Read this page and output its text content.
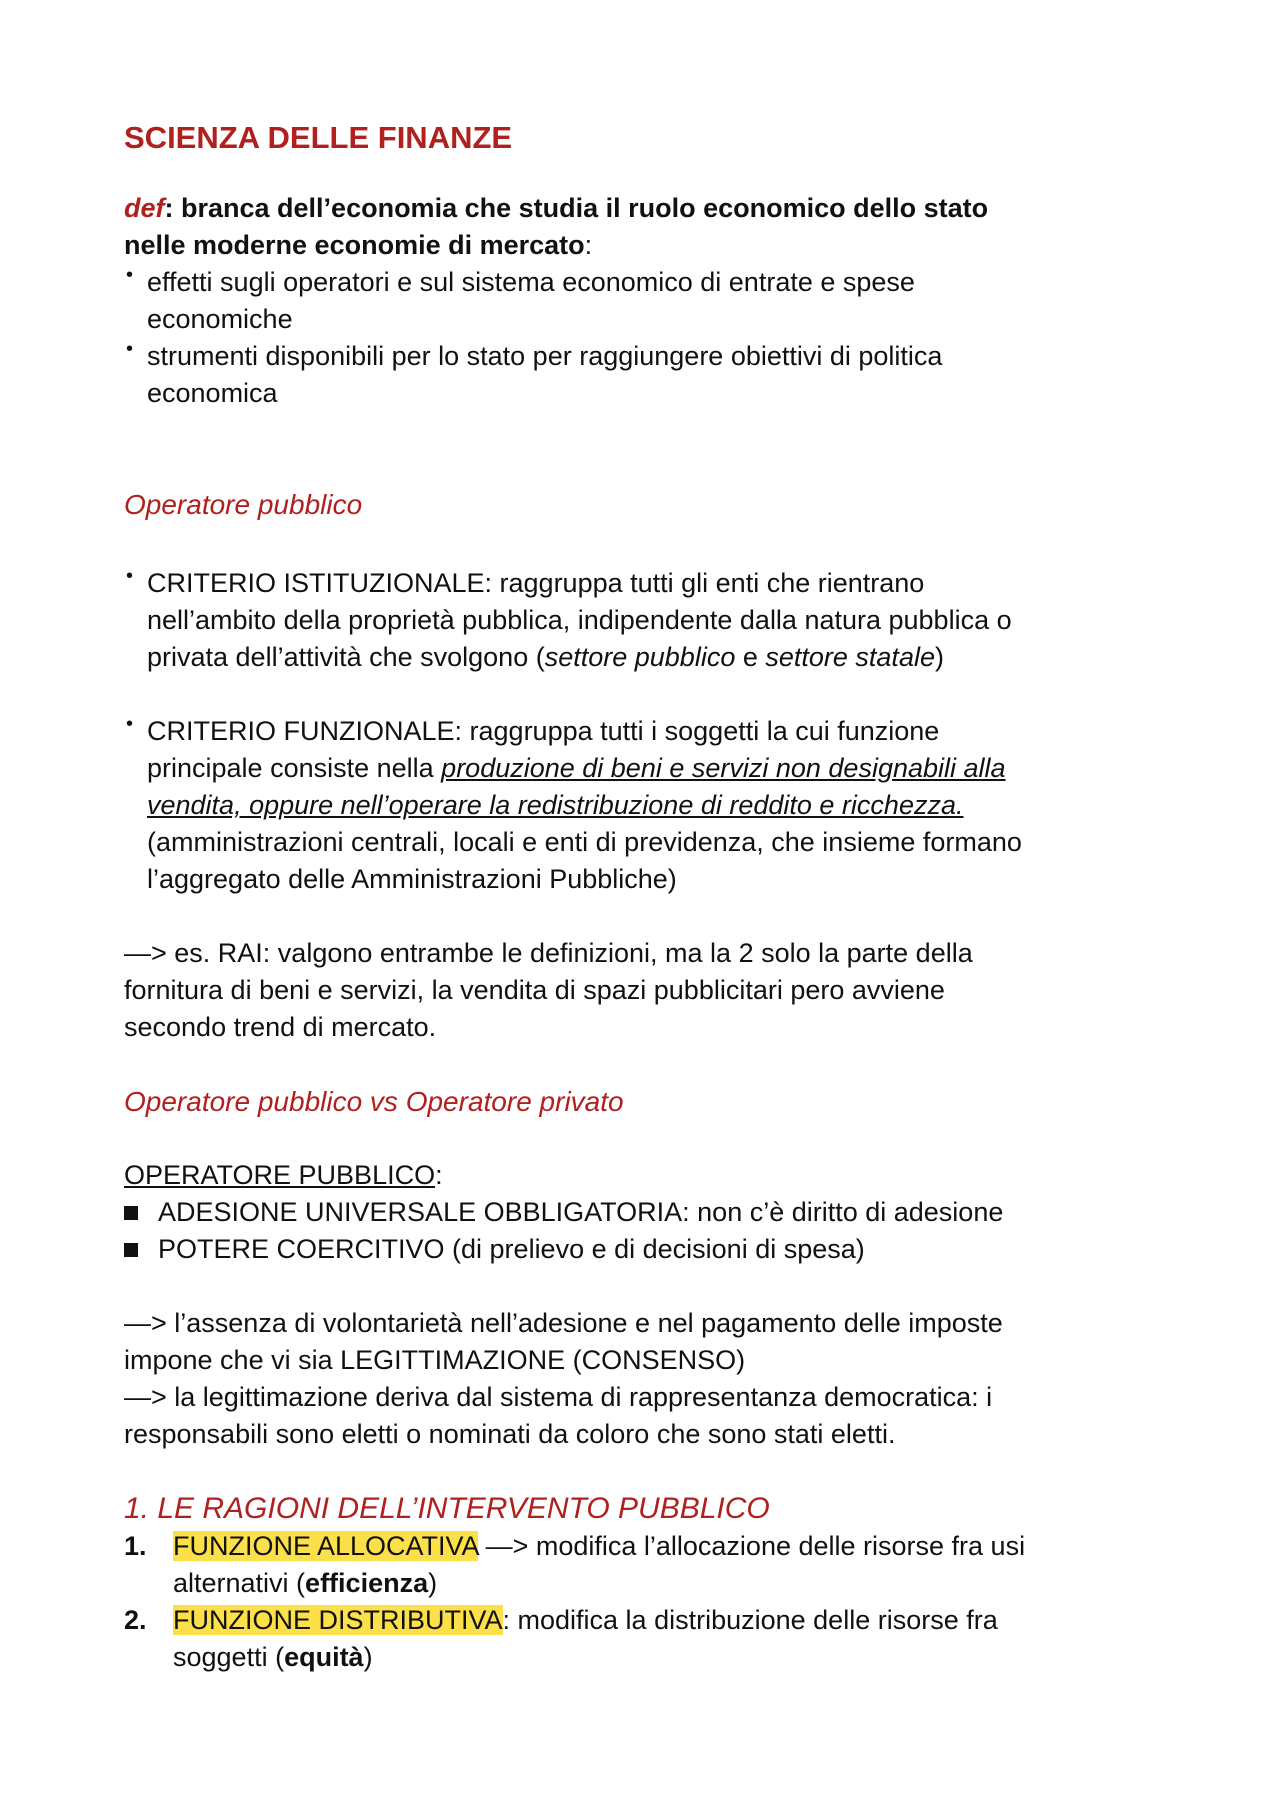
SCIENZA DELLE FINANZE

def: branca dell’economia che studia il ruolo economico dello stato

nelle moderne economie di mercato:

• effetti sugli operatori e sul sistema economico di entrate e spese

economiche

• strumenti disponibili per lo stato per raggiungere obiettivi di politica

economica

Operatore pubblico

• CRITERIO ISTITUZIONALE: raggruppa tutti gli enti che rientrano

nell’ambito della proprietà pubblica, indipendente dalla natura pubblica o

privata dell’attività che svolgono (settore pubblico e settore statale)

• CRITERIO FUNZIONALE: raggruppa tutti i soggetti la cui funzione

principale consiste nella produzione di beni e servizi non designabili alla

vendita, oppure nell’operare la redistribuzione di reddito e ricchezza.

(amministrazioni centrali, locali e enti di previdenza, che insieme formano

l’aggregato delle Amministrazioni Pubbliche)

—> es. RAI: valgono entrambe le definizioni, ma la 2 solo la parte della

fornitura di beni e servizi, la vendita di spazi pubblicitari pero avviene

secondo trend di mercato.

Operatore pubblico vs Operatore privato

OPERATORE PUBBLICO:

ADESIONE UNIVERSALE OBBLIGATORIA: non c’è diritto di adesione

POTERE COERCITIVO (di prelievo e di decisioni di spesa)

—> l’assenza di volontarietà nell’adesione e nel pagamento delle imposte

impone che vi sia LEGITTIMAZIONE (CONSENSO)

—> la legittimazione deriva dal sistema di rappresentanza democratica: i

responsabili sono eletti o nominati da coloro che sono stati eletti.

1. LE RAGIONI DELL’INTERVENTO PUBBLICO

1. FUNZIONE ALLOCATIVA —> modifica l’allocazione delle risorse fra usi

alternativi (efficienza)

2. FUNZIONE DISTRIBUTIVA: modifica la distribuzione delle risorse fra

soggetti (equità)
